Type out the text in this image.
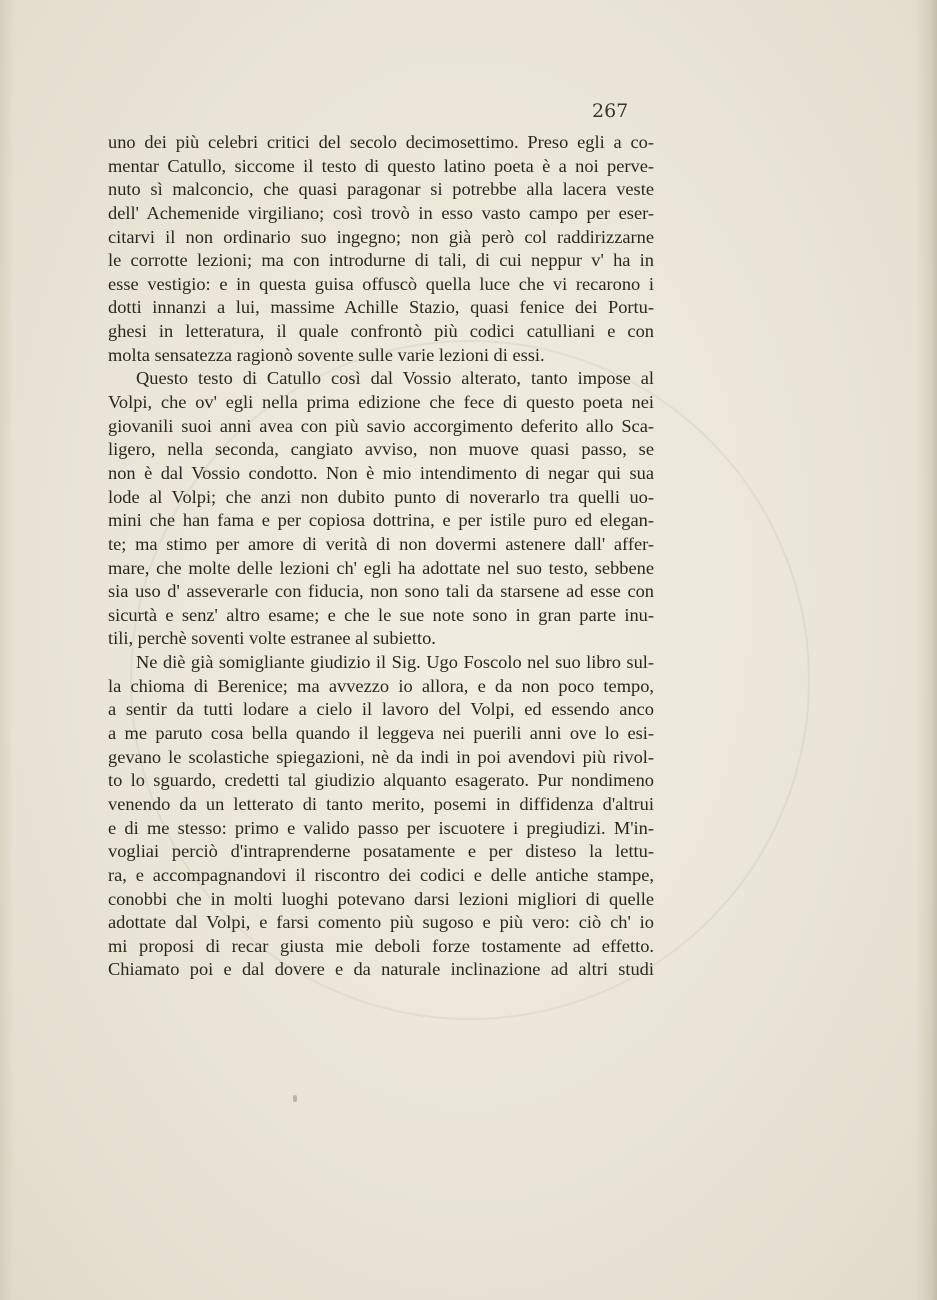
267
uno dei più celebri critici del secolo decimosettimo. Preso egli a co-
mentar Catullo, siccome il testo di questo latino poeta è a noi perve-
nuto sì malconcio, che quasi paragonar si potrebbe alla lacera veste
dell' Achemenide virgiliano; così trovò in esso vasto campo per eser-
citarvi il non ordinario suo ingegno; non già però col raddirizzarne
le corrotte lezioni; ma con introdurne di tali, di cui neppur v' ha in
esse vestigio: e in questa guisa offuscò quella luce che vi recarono i
dotti innanzi a lui, massime Achille Stazio, quasi fenice dei Portu-
ghesi in letteratura, il quale confrontò più codici catulliani e con
molta sensatezza ragionò sovente sulle varie lezioni di essi.
Questo testo di Catullo così dal Vossio alterato, tanto impose al
Volpi, che ov' egli nella prima edizione che fece di questo poeta nei
giovanili suoi anni avea con più savio accorgimento deferito allo Sca-
ligero, nella seconda, cangiato avviso, non muove quasi passo, se
non è dal Vossio condotto. Non è mio intendimento di negar qui sua
lode al Volpi; che anzi non dubito punto di noverarlo tra quelli uo-
mini che han fama e per copiosa dottrina, e per istile puro ed elegan-
te; ma stimo per amore di verità di non dovermi astenere dall' affer-
mare, che molte delle lezioni ch' egli ha adottate nel suo testo, sebbene
sia uso d' asseverarle con fiducia, non sono tali da starsene ad esse con
sicurtà e senz' altro esame; e che le sue note sono in gran parte inu-
tili, perchè soventi volte estranee al subietto.
Ne diè già somigliante giudizio il Sig. Ugo Foscolo nel suo libro sul-
la chioma di Berenice; ma avvezzo io allora, e da non poco tempo,
a sentir da tutti lodare a cielo il lavoro del Volpi, ed essendo anco
a me paruto cosa bella quando il leggeva nei puerili anni ove lo esi-
gevano le scolastiche spiegazioni, nè da indi in poi avendovi più rivol-
to lo sguardo, credetti tal giudizio alquanto esagerato. Pur nondimeno
venendo da un letterato di tanto merito, posemi in diffidenza d'altrui
e di me stesso: primo e valido passo per iscuotere i pregiudizi. M'in-
vogliai perciò d'intraprenderne posatamente e per disteso la lettu-
ra, e accompagnandovi il riscontro dei codici e delle antiche stampe,
conobbi che in molti luoghi potevano darsi lezioni migliori di quelle
adottate dal Volpi, e farsi comento più sugoso e più vero: ciò ch' io
mi proposi di recar giusta mie deboli forze tostamente ad effetto.
Chiamato poi e dal dovere e da naturale inclinazione ad altri studi
